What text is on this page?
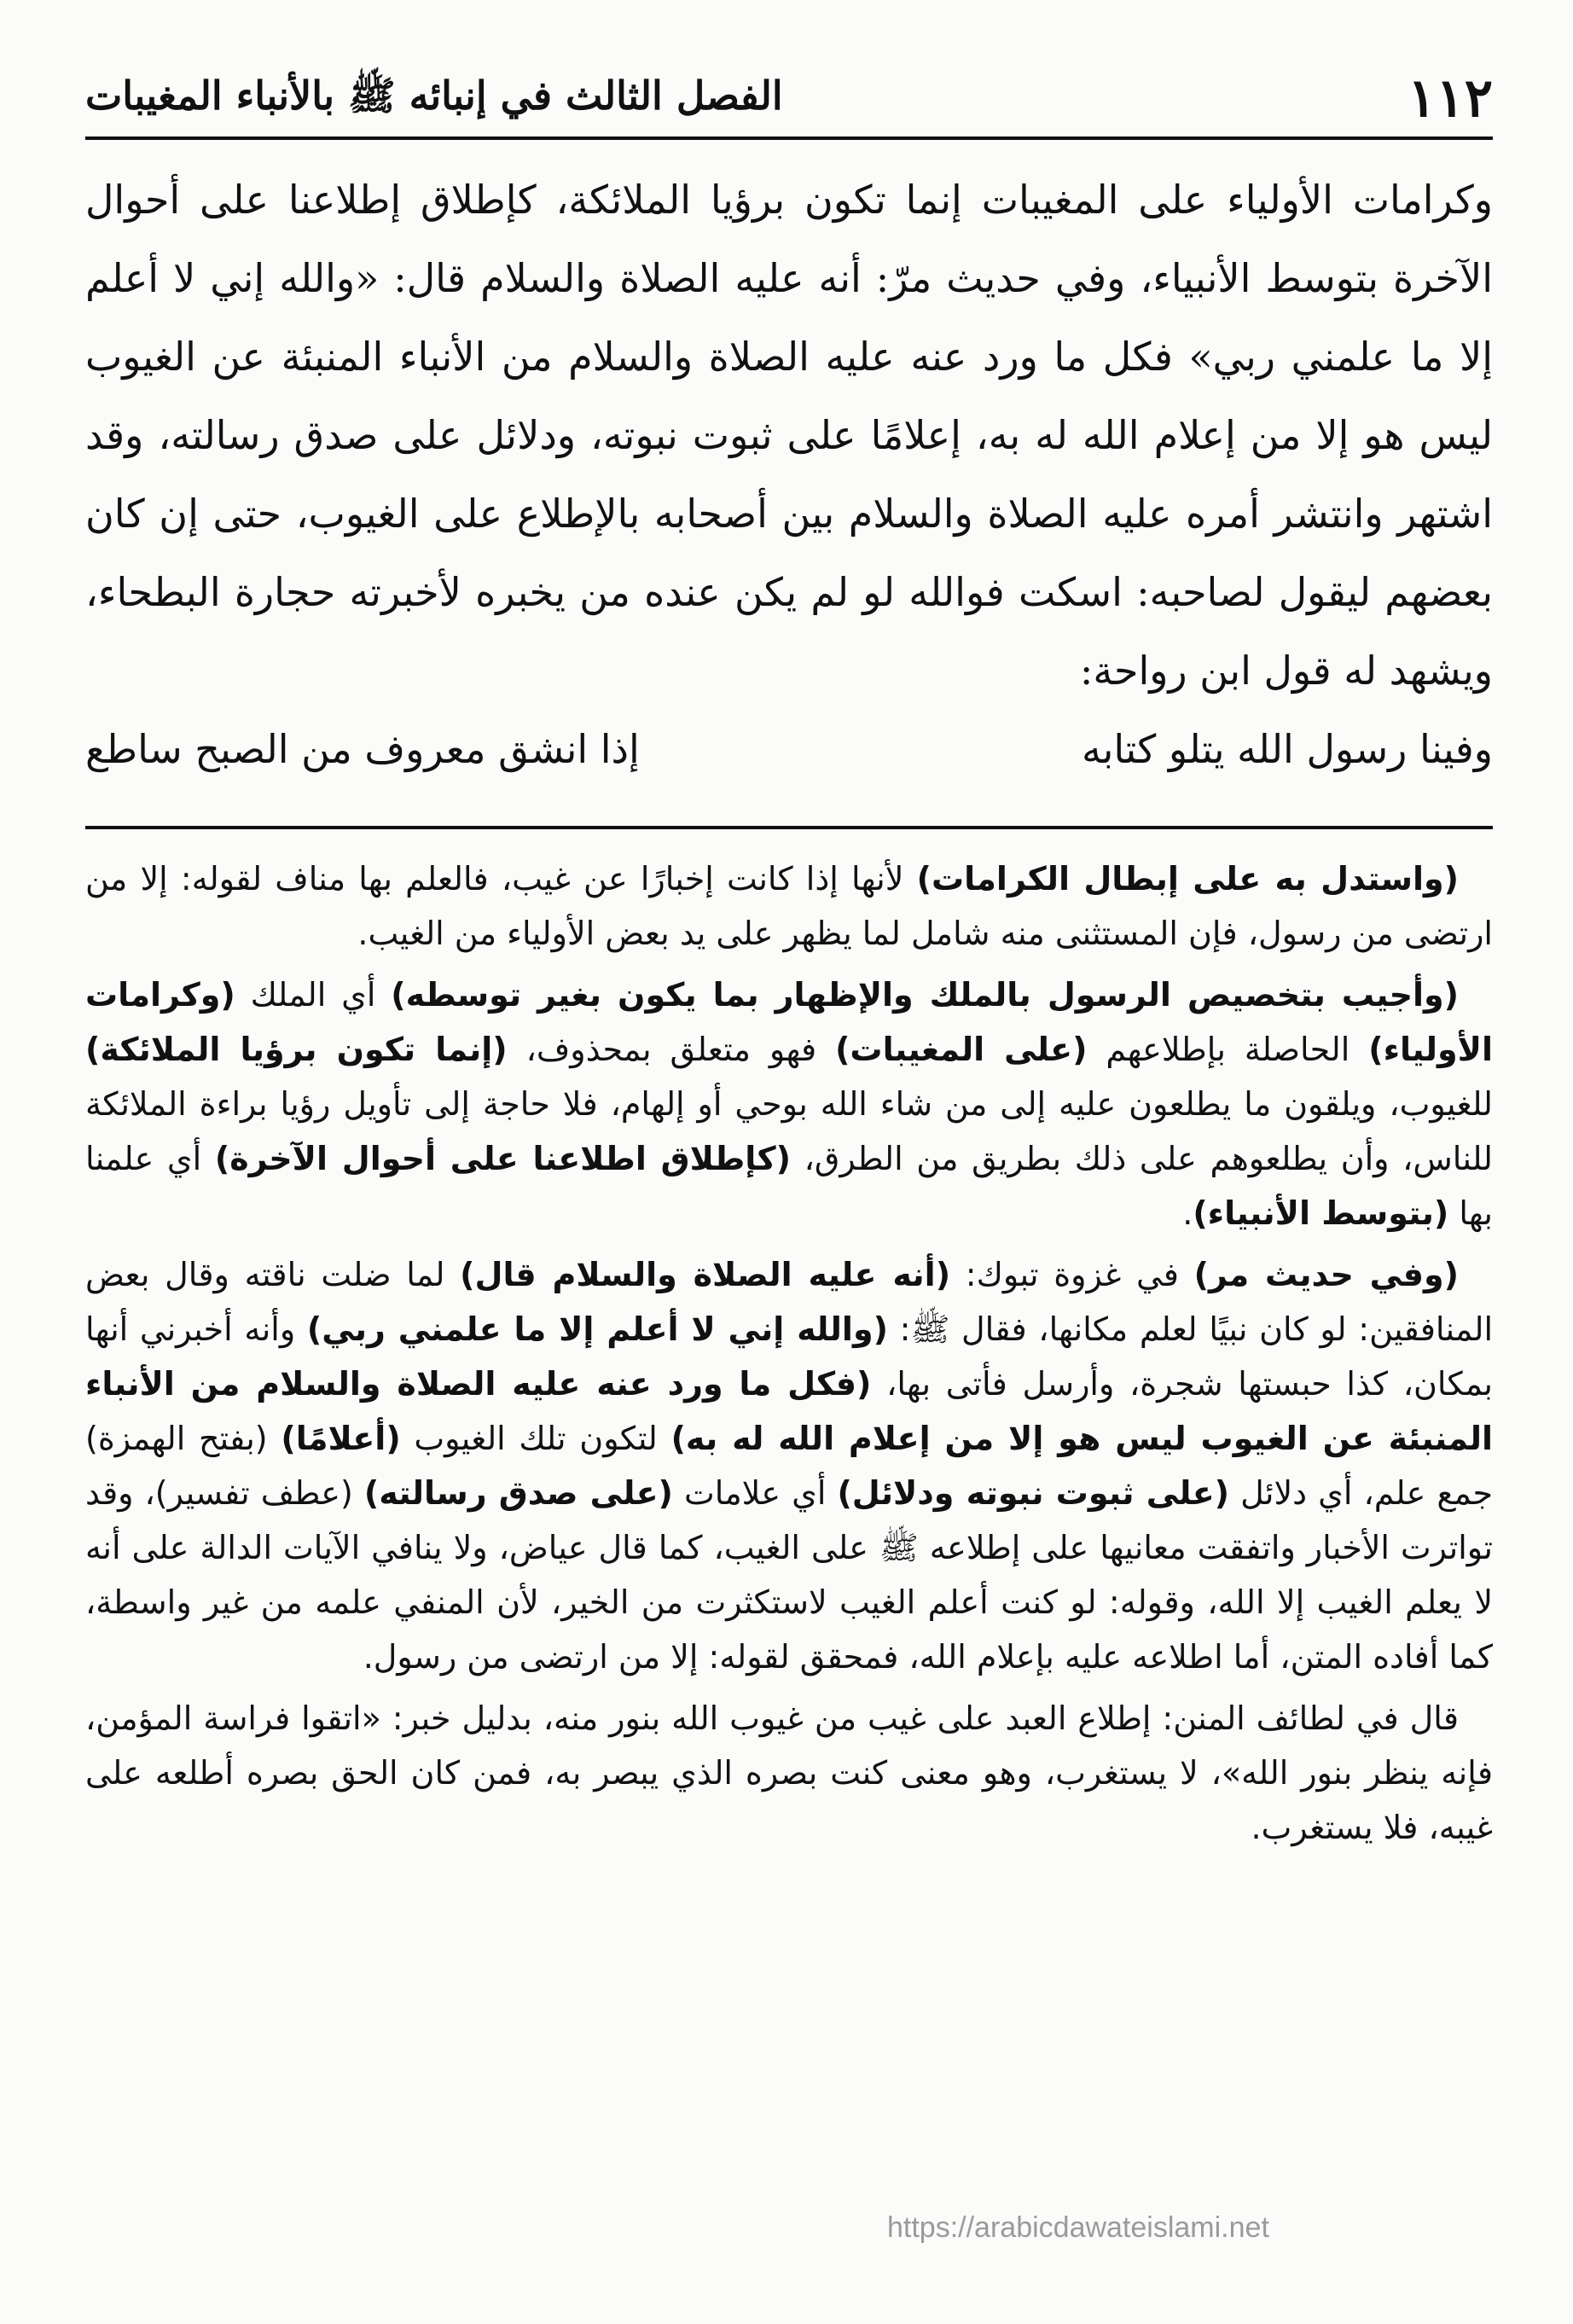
١١٢
الفصل الثالث في إنبائه ﷺ بالأنباء المغيبات

وكرامات الأولياء على المغيبات إنما تكون برؤيا الملائكة، كإطلاق إطلاعنا على أحوال الآخرة بتوسط الأنبياء، وفي حديث مرّ: أنه عليه الصلاة والسلام قال: «والله إني لا أعلم إلا ما علمني ربي» فكل ما ورد عنه عليه الصلاة والسلام من الأنباء المنبئة عن الغيوب ليس هو إلا من إعلام الله له به، إعلامًا على ثبوت نبوته، ودلائل على صدق رسالته، وقد اشتهر وانتشر أمره عليه الصلاة والسلام بين أصحابه بالإطلاع على الغيوب، حتى إن كان بعضهم ليقول لصاحبه: اسكت فوالله لو لم يكن عنده من يخبره لأخبرته حجارة البطحاء، ويشهد له قول ابن رواحة:

وفينا رسول الله يتلو كتابه
إذا انشق معروف من الصبح ساطع

(واستدل به على إبطال الكرامات) لأنها إذا كانت إخبارًا عن غيب، فالعلم بها مناف لقوله: إلا من ارتضى من رسول، فإن المستثنى منه شامل لما يظهر على يد بعض الأولياء من الغيب.

(وأجيب بتخصيص الرسول بالملك والإظهار بما يكون بغير توسطه) أي الملك (وكرامات الأولياء) الحاصلة بإطلاعهم (على المغيبات) فهو متعلق بمحذوف، (إنما تكون برؤيا الملائكة) للغيوب، ويلقون ما يطلعون عليه إلى من شاء الله بوحي أو إلهام، فلا حاجة إلى تأويل رؤيا براءة الملائكة للناس، وأن يطلعوهم على ذلك بطريق من الطرق، (كإطلاق اطلاعنا على أحوال الآخرة) أي علمنا بها (بتوسط الأنبياء).

(وفي حديث مر) في غزوة تبوك: (أنه عليه الصلاة والسلام قال) لما ضلت ناقته وقال بعض المنافقين: لو كان نبيًا لعلم مكانها، فقال ﷺ: (والله إني لا أعلم إلا ما علمني ربي) وأنه أخبرني أنها بمكان، كذا حبستها شجرة، وأرسل فأتى بها، (فكل ما ورد عنه عليه الصلاة والسلام من الأنباء المنبئة عن الغيوب ليس هو إلا من إعلام الله له به) لتكون تلك الغيوب (أعلامًا) (بفتح الهمزة) جمع علم، أي دلائل (على ثبوت نبوته ودلائل) أي علامات (على صدق رسالته) (عطف تفسير)، وقد تواترت الأخبار واتفقت معانيها على إطلاعه ﷺ على الغيب، كما قال عياض، ولا ينافي الآيات الدالة على أنه لا يعلم الغيب إلا الله، وقوله: لو كنت أعلم الغيب لاستكثرت من الخير، لأن المنفي علمه من غير واسطة، كما أفاده المتن، أما اطلاعه عليه بإعلام الله، فمحقق لقوله: إلا من ارتضى من رسول.

قال في لطائف المنن: إطلاع العبد على غيب من غيوب الله بنور منه، بدليل خبر: «اتقوا فراسة المؤمن، فإنه ينظر بنور الله»، لا يستغرب، وهو معنى كنت بصره الذي يبصر به، فمن كان الحق بصره أطلعه على غيبه، فلا يستغرب.

https://arabicdawateislami.net
